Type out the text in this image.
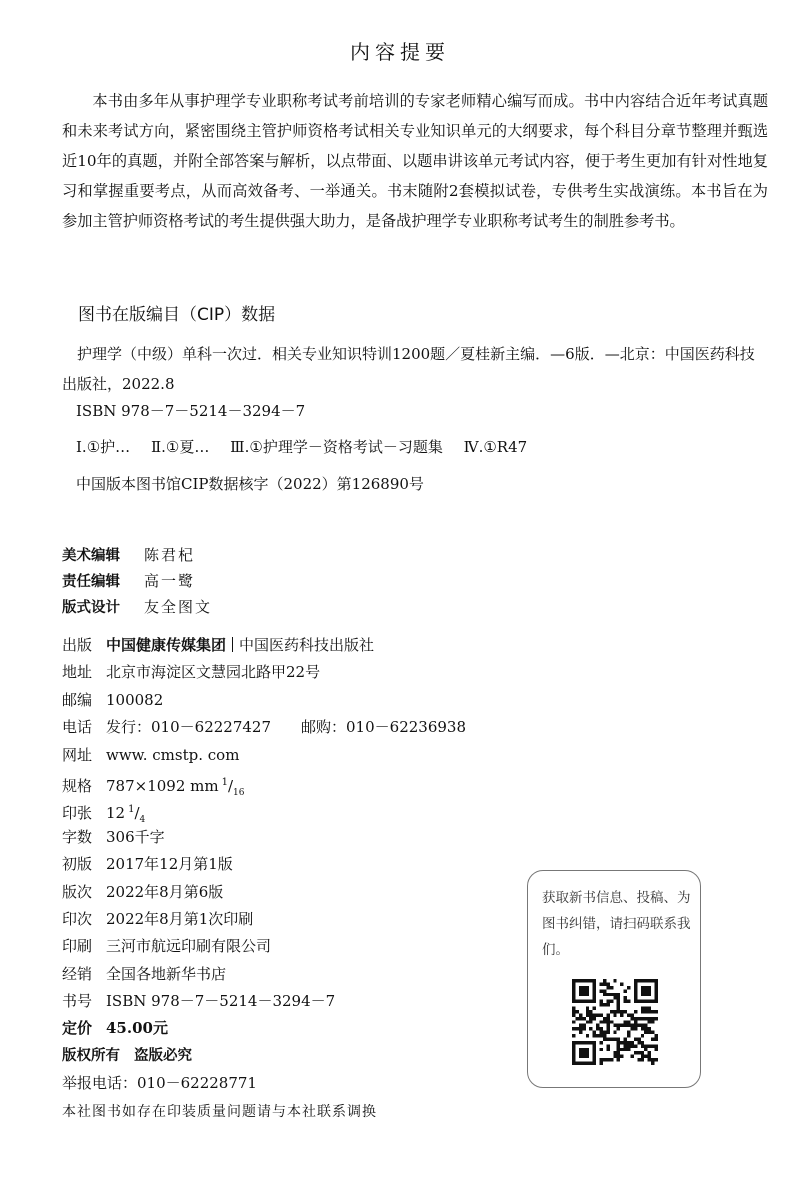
内容提要
本书由多年从事护理学专业职称考试考前培训的专家老师精心编写而成。书中内容结合近年考试真题和未来考试方向，紧密围绕主管护师资格考试相关专业知识单元的大纲要求，每个科目分章节整理并甄选近10年的真题，并附全部答案与解析，以点带面、以题串讲该单元考试内容，便于考生更加有针对性地复习和掌握重要考点，从而高效备考、一举通关。书末随附2套模拟试卷，专供考生实战演练。本书旨在为参加主管护师资格考试的考生提供强大助力，是备战护理学专业职称考试考生的制胜参考书。
图书在版编目（CIP）数据
护理学（中级）单科一次过．相关专业知识特训1200题／夏桂新主编．—6版．—北京：中国医药科技出版社，2022.8
ISBN 978－7－5214－3294－7
Ⅰ.①护… Ⅱ.①夏… Ⅲ.①护理学－资格考试－习题集 Ⅳ.①R47
中国版本图书馆CIP数据核字（2022）第126890号
美术编辑 陈君杞
责任编辑 高一鹭
版式设计 友全图文
出版 中国健康传媒集团 中国医药科技出版社
地址 北京市海淀区文慧园北路甲22号
邮编 100082
电话 发行：010－62227427 邮购：010－62236938
网址 www. cmstp. com
规格 787×1092 mm $^1/_{16}$
印张 12 $^1/_4$
字数 306千字
初版 2017年12月第1版
版次 2022年8月第6版
印次 2022年8月第1次印刷
印刷 三河市航远印刷有限公司
经销 全国各地新华书店
书号 ISBN 978－7－5214－3294－7
定价 45.00元
版权所有 盗版必究
举报电话：010－62228771
本社图书如存在印装质量问题请与本社联系调换
获取新书信息、投稿、为图书纠错，请扫码联系我们。
